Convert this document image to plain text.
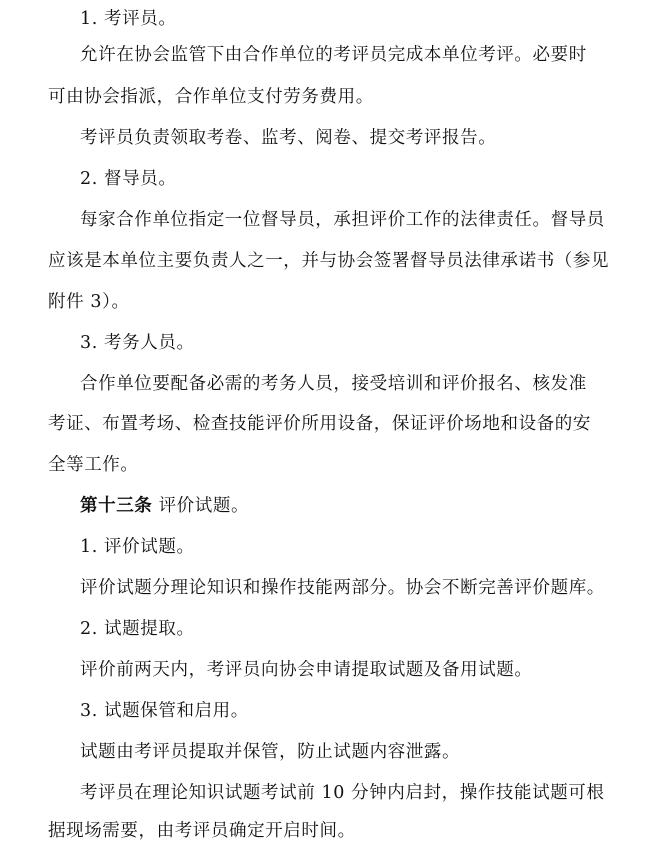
1. 考评员。
允许在协会监管下由合作单位的考评员完成本单位考评。必要时
可由协会指派，合作单位支付劳务费用。
考评员负责领取考卷、监考、阅卷、提交考评报告。
2. 督导员。
每家合作单位指定一位督导员，承担评价工作的法律责任。督导员
应该是本单位主要负责人之一，并与协会签署督导员法律承诺书（参见
附件 3）。
3. 考务人员。
合作单位要配备必需的考务人员，接受培训和评价报名、核发准
考证、布置考场、检查技能评价所用设备，保证评价场地和设备的安
全等工作。
第十三条 评价试题。
1. 评价试题。
评价试题分理论知识和操作技能两部分。协会不断完善评价题库。
2. 试题提取。
评价前两天内，考评员向协会申请提取试题及备用试题。
3. 试题保管和启用。
试题由考评员提取并保管，防止试题内容泄露。
考评员在理论知识试题考试前 10 分钟内启封，操作技能试题可根
据现场需要，由考评员确定开启时间。
